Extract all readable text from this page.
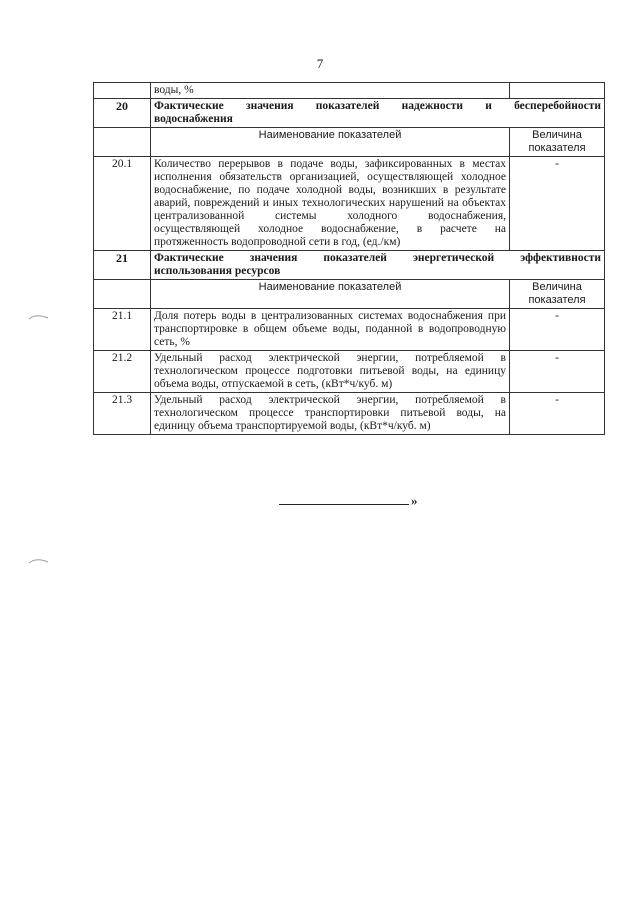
7
	воды, %	
20	Фактические значения показателей надежности и бесперебойности
водоснабжения	

	Наименование показателей	Величина показателя
20.1	Количество перерывов в подаче воды, зафиксированных в местах исполнения обязательств организацией, осуществляющей холодное водоснабжение, по подаче холодной воды, возникших в результате аварий, повреждений и иных технологических нарушений на объектах централизованной системы холодного водоснабжения, осуществляющей холодное водоснабжение, в расчете на протяженность водопроводной сети в год, (ед./км)	-
21	Фактические значения показателей энергетической эффективности
использования ресурсов	

	Наименование показателей	Величина показателя
21.1	Доля потерь воды в централизованных системах водоснабжения при транспортировке в общем объеме воды, поданной в водопроводную сеть, %	-
21.2	Удельный расход электрической энергии, потребляемой в технологическом процессе подготовки питьевой воды, на единицу объема воды, отпускаемой в сеть, (кВт*ч/куб. м)	-
21.3	Удельный расход электрической энергии, потребляемой в технологическом процессе транспортировки питьевой воды, на единицу объема транспортируемой воды, (кВт*ч/куб. м)	-
»
